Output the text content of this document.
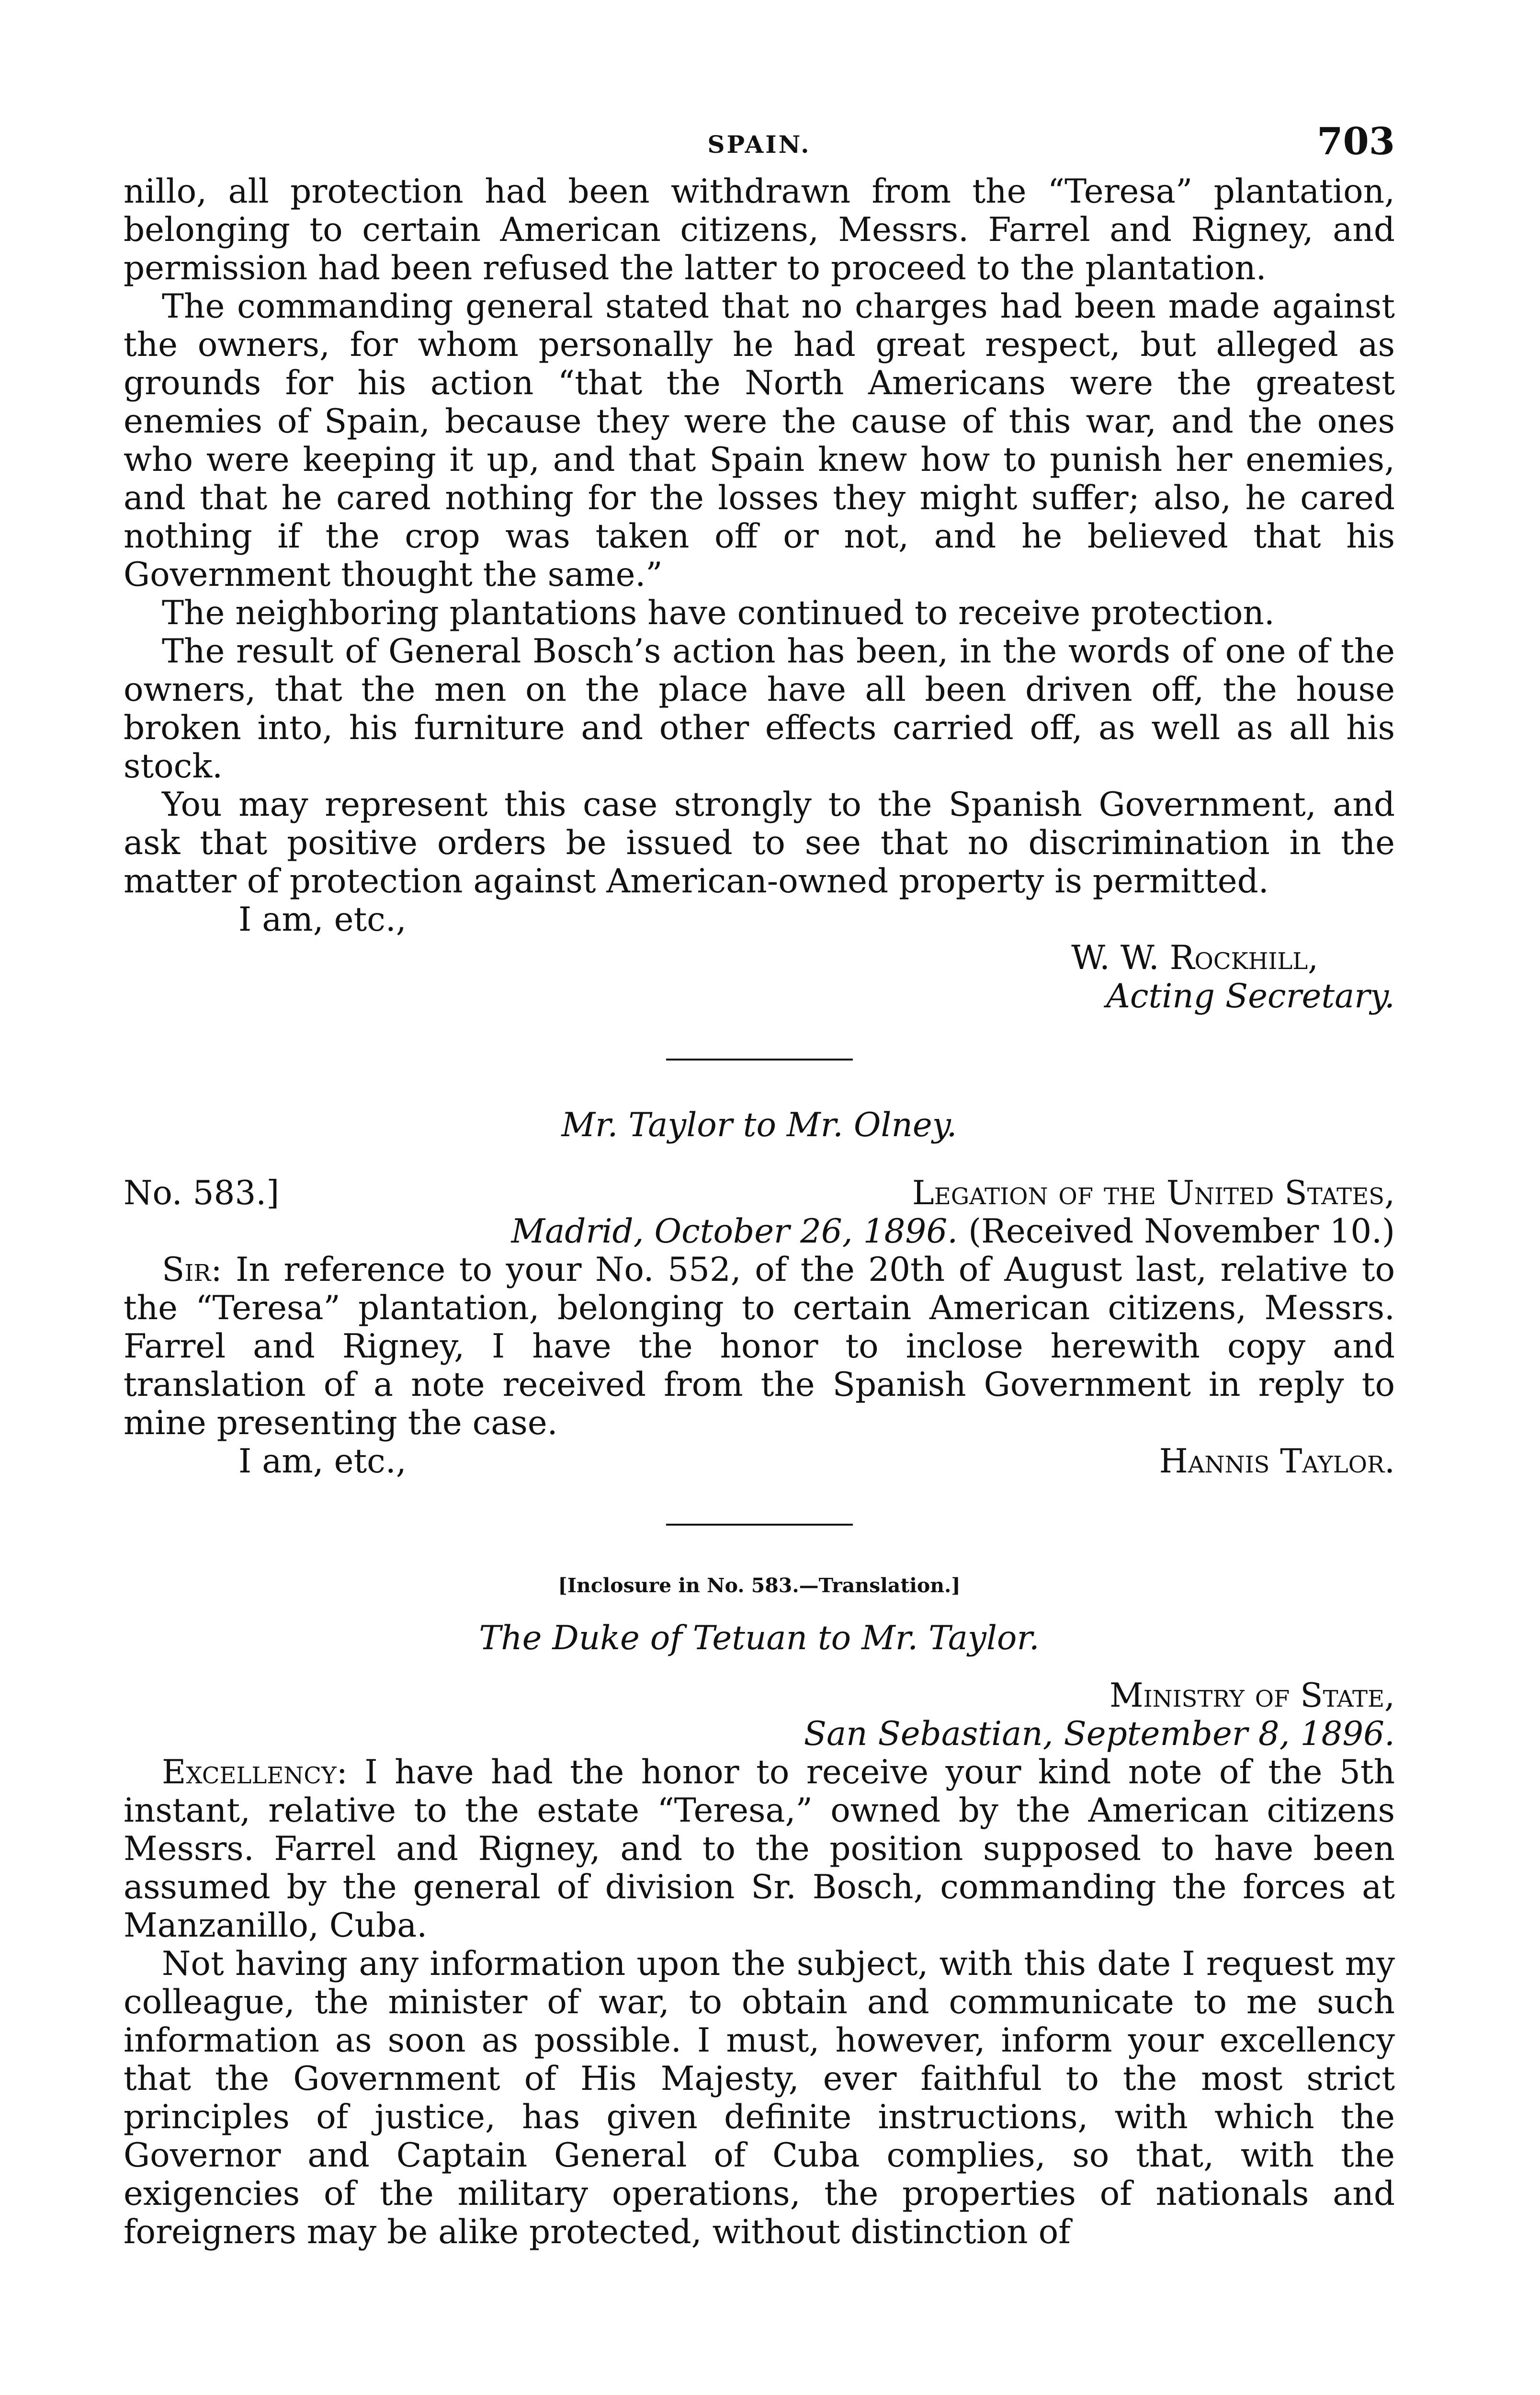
SPAIN.	703

nillo, all protection had been withdrawn from the “Teresa” plantation, belonging to certain American citizens, Messrs. Farrel and Rigney, and permission had been refused the latter to proceed to the plantation.

The commanding general stated that no charges had been made against the owners, for whom personally he had great respect, but alleged as grounds for his action “that the North Americans were the greatest enemies of Spain, because they were the cause of this war, and the ones who were keeping it up, and that Spain knew how to punish her enemies, and that he cared nothing for the losses they might suffer; also, he cared nothing if the crop was taken off or not, and he believed that his Government thought the same.”

The neighboring plantations have continued to receive protection.

The result of General Bosch’s action has been, in the words of one of the owners, that the men on the place have all been driven off, the house broken into, his furniture and other effects carried off, as well as all his stock.

You may represent this case strongly to the Spanish Government, and ask that positive orders be issued to see that no discrimination in the matter of protection against American-owned property is permitted.

I am, etc.,
W. W. Rockhill,
Acting Secretary.
Mr. Taylor to Mr. Olney.
No. 583.]	Legation of the United States,
Madrid, October 26, 1896. (Received November 10.)

Sir: In reference to your No. 552, of the 20th of August last, relative to the “Teresa” plantation, belonging to certain American citizens, Messrs. Farrel and Rigney, I have the honor to inclose herewith copy and translation of a note received from the Spanish Government in reply to mine presenting the case.

I am, etc.,	Hannis Taylor.
[Inclosure in No. 583.—Translation.]
The Duke of Tetuan to Mr. Taylor.
Ministry of State,
San Sebastian, September 8, 1896.

Excellency: I have had the honor to receive your kind note of the 5th instant, relative to the estate “Teresa,” owned by the American citizens Messrs. Farrel and Rigney, and to the position supposed to have been assumed by the general of division Sr. Bosch, commanding the forces at Manzanillo, Cuba.

Not having any information upon the subject, with this date I request my colleague, the minister of war, to obtain and communicate to me such information as soon as possible. I must, however, inform your excellency that the Government of His Majesty, ever faithful to the most strict principles of justice, has given definite instructions, with which the Governor and Captain General of Cuba complies, so that, with the exigencies of the military operations, the properties of nationals and foreigners may be alike protected, without distinction of
